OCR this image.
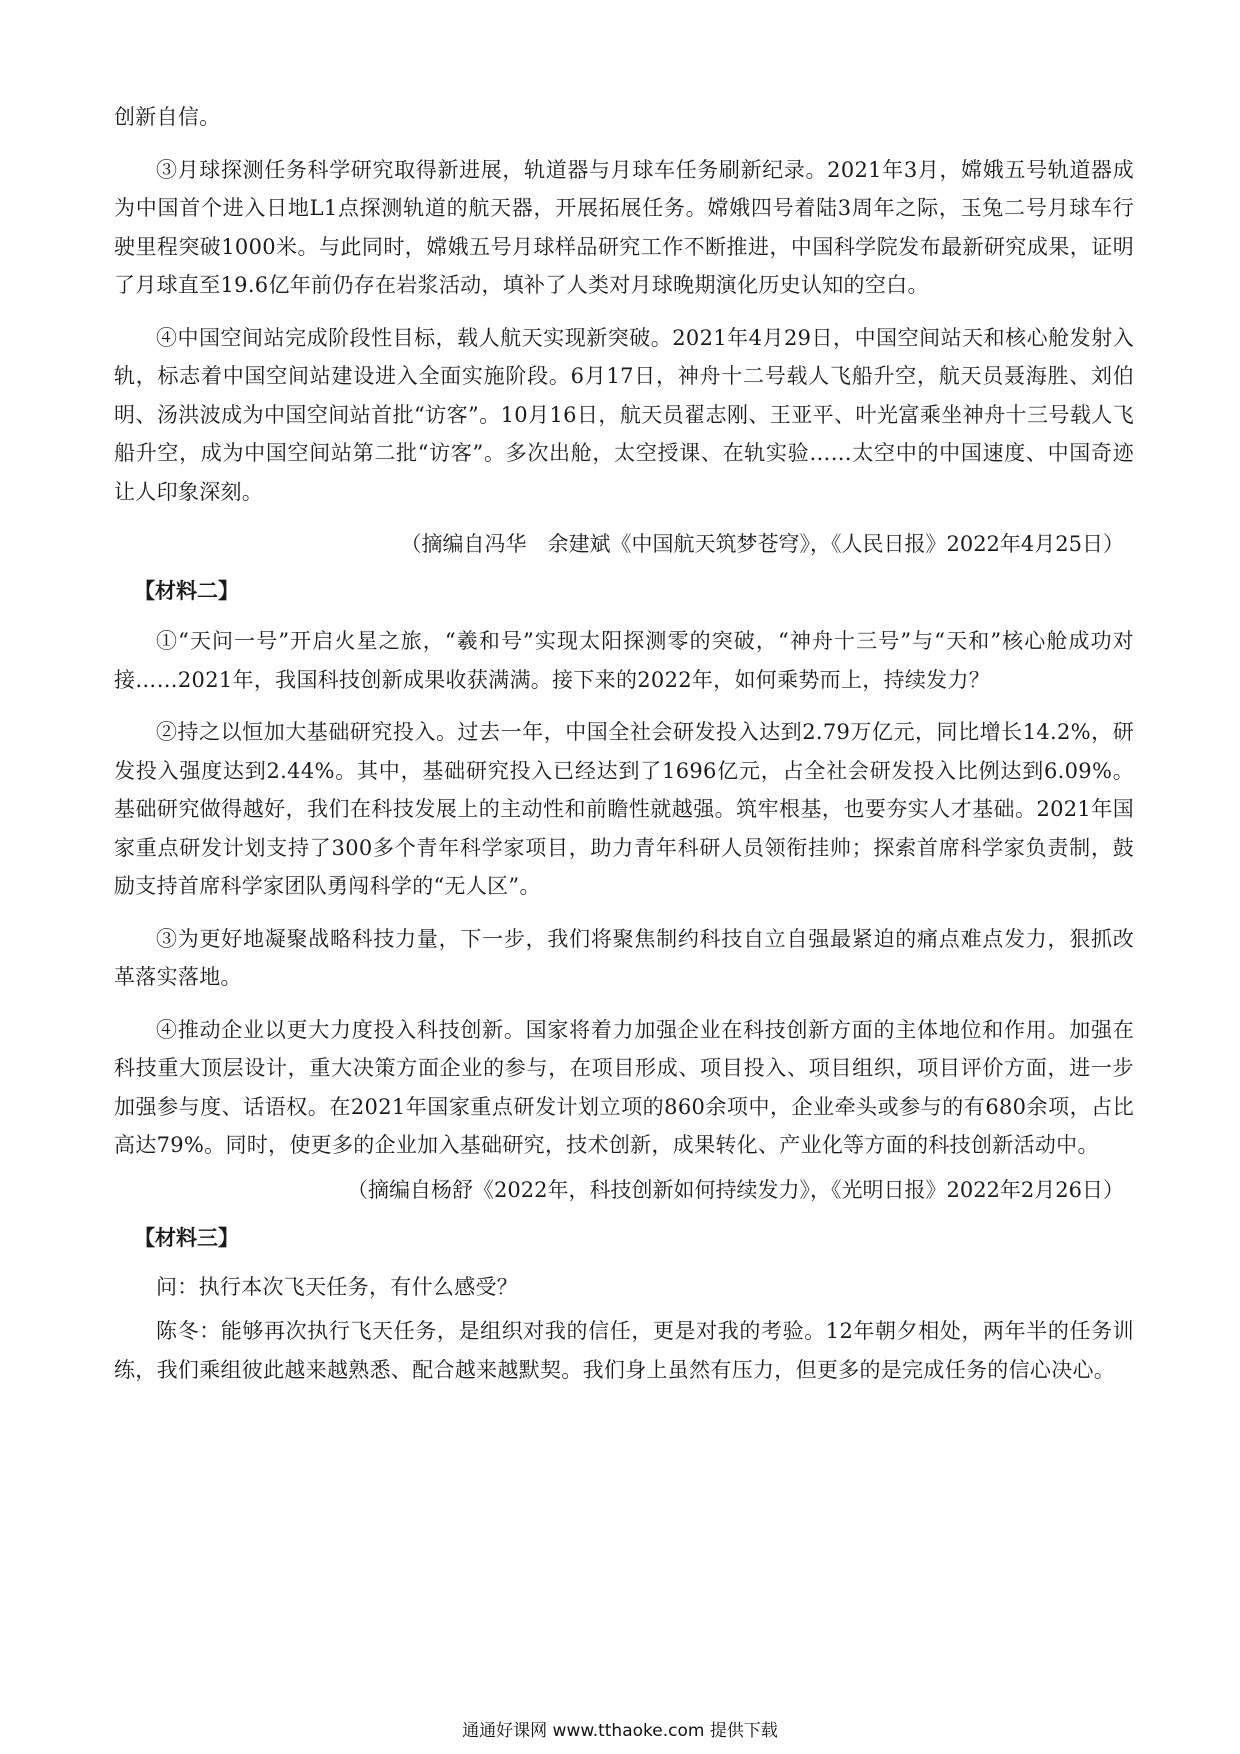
创新自信。

③月球探测任务科学研究取得新进展，轨道器与月球车任务刷新纪录。2021年3月，嫦娥五号轨道器成为中国首个进入日地L1点探测轨道的航天器，开展拓展任务。嫦娥四号着陆3周年之际，玉兔二号月球车行驶里程突破1000米。与此同时，嫦娥五号月球样品研究工作不断推进，中国科学院发布最新研究成果，证明了月球直至19.6亿年前仍存在岩浆活动，填补了人类对月球晚期演化历史认知的空白。

④中国空间站完成阶段性目标，载人航天实现新突破。2021年4月29日，中国空间站天和核心舱发射入轨，标志着中国空间站建设进入全面实施阶段。6月17日，神舟十二号载人飞船升空，航天员聂海胜、刘伯明、汤洪波成为中国空间站首批“访客”。10月16日，航天员翟志刚、王亚平、叶光富乘坐神舟十三号载人飞船升空，成为中国空间站第二批“访客”。多次出舱，太空授课、在轨实验……太空中的中国速度、中国奇迹让人印象深刻。

（摘编自冯华　余建斌《中国航天筑梦苍穹》，《人民日报》2022年4月25日）

【材料二】

①“天问一号”开启火星之旅，“羲和号”实现太阳探测零的突破，“神舟十三号”与“天和”核心舱成功对接……2021年，我国科技创新成果收获满满。接下来的2022年，如何乘势而上，持续发力？

②持之以恒加大基础研究投入。过去一年，中国全社会研发投入达到2.79万亿元，同比增长14.2%，研发投入强度达到2.44%。其中，基础研究投入已经达到了1696亿元，占全社会研发投入比例达到6.09%。基础研究做得越好，我们在科技发展上的主动性和前瞻性就越强。筑牢根基，也要夯实人才基础。2021年国家重点研发计划支持了300多个青年科学家项目，助力青年科研人员领衔挂帅；探索首席科学家负责制，鼓励支持首席科学家团队勇闯科学的“无人区”。

③为更好地凝聚战略科技力量，下一步，我们将聚焦制约科技自立自强最紧迫的痛点难点发力，狠抓改革落实落地。

④推动企业以更大力度投入科技创新。国家将着力加强企业在科技创新方面的主体地位和作用。加强在科技重大顶层设计，重大决策方面企业的参与，在项目形成、项目投入、项目组织，项目评价方面，进一步加强参与度、话语权。在2021年国家重点研发计划立项的860余项中，企业牵头或参与的有680余项，占比高达79%。同时，使更多的企业加入基础研究，技术创新，成果转化、产业化等方面的科技创新活动中。

（摘编自杨舒《2022年，科技创新如何持续发力》，《光明日报》2022年2月26日）

【材料三】

问：执行本次飞天任务，有什么感受？

陈冬：能够再次执行飞天任务，是组织对我的信任，更是对我的考验。12年朝夕相处，两年半的任务训练，我们乘组彼此越来越熟悉、配合越来越默契。我们身上虽然有压力，但更多的是完成任务的信心决心。

通通好课网 www.tthaoke.com 提供下载
